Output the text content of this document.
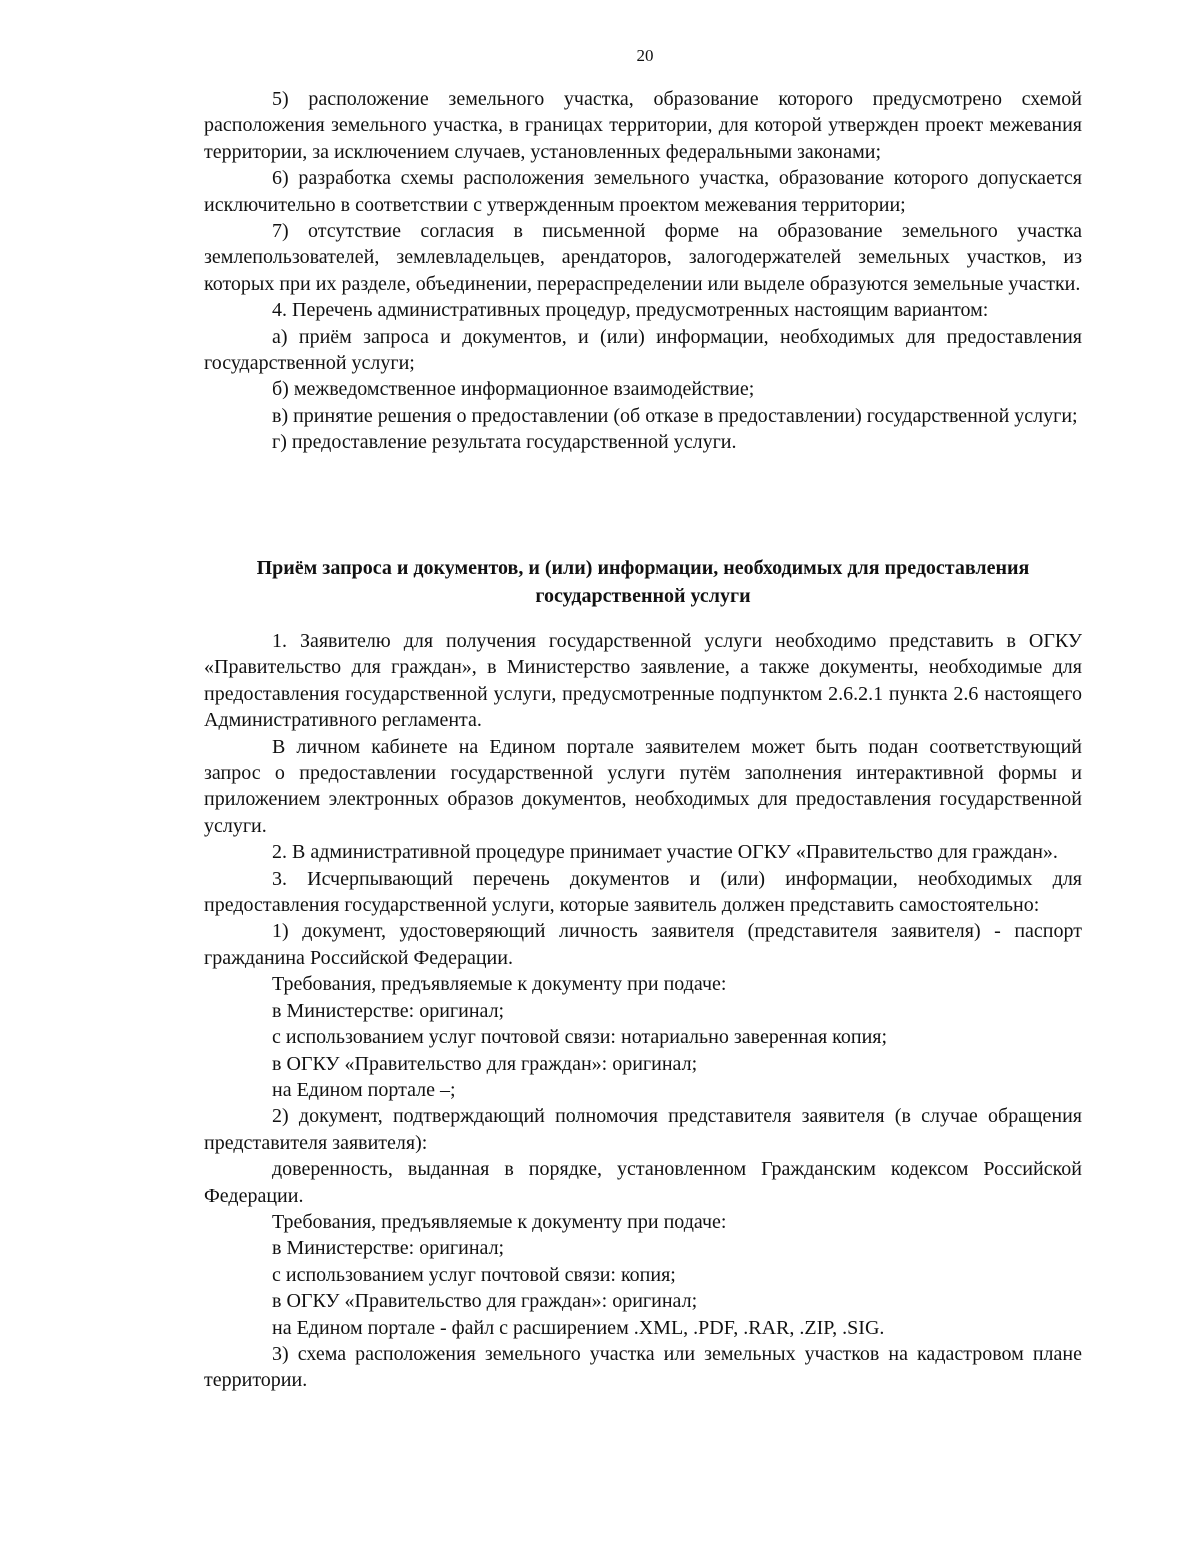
20

5) расположение земельного участка, образование которого предусмотрено схемой расположения земельного участка, в границах территории, для которой утвержден проект межевания территории, за исключением случаев, установленных федеральными законами;

6) разработка схемы расположения земельного участка, образование которого допускается исключительно в соответствии с утвержденным проектом межевания территории;

7) отсутствие согласия в письменной форме на образование земельного участка землепользователей, землевладельцев, арендаторов, залогодержателей земельных участков, из которых при их разделе, объединении, перераспределении или выделе образуются земельные участки.

4. Перечень административных процедур, предусмотренных настоящим вариантом:

а) приём запроса и документов, и (или) информации, необходимых для предоставления государственной услуги;

б) межведомственное информационное взаимодействие;

в) принятие решения о предоставлении (об отказе в предоставлении) государственной услуги;

г) предоставление результата государственной услуги.

Приём запроса и документов, и (или) информации, необходимых для предоставления государственной услуги

1. Заявителю для получения государственной услуги необходимо представить в ОГКУ «Правительство для граждан», в Министерство заявление, а также документы, необходимые для предоставления государственной услуги, предусмотренные подпунктом 2.6.2.1 пункта 2.6 настоящего Административного регламента.

В личном кабинете на Едином портале заявителем может быть подан соответствующий запрос о предоставлении государственной услуги путём заполнения интерактивной формы и приложением электронных образов документов, необходимых для предоставления государственной услуги.

2. В административной процедуре принимает участие ОГКУ «Правительство для граждан».

3. Исчерпывающий перечень документов и (или) информации, необходимых для предоставления государственной услуги, которые заявитель должен представить самостоятельно:

1) документ, удостоверяющий личность заявителя (представителя заявителя) - паспорт гражданина Российской Федерации.

Требования, предъявляемые к документу при подаче:

в Министерстве: оригинал;

с использованием услуг почтовой связи: нотариально заверенная копия;

в ОГКУ «Правительство для граждан»: оригинал;

на Едином портале –;

2) документ, подтверждающий полномочия представителя заявителя (в случае обращения представителя заявителя):

доверенность, выданная в порядке, установленном Гражданским кодексом Российской Федерации.

Требования, предъявляемые к документу при подаче:

в Министерстве: оригинал;

с использованием услуг почтовой связи: копия;

в ОГКУ «Правительство для граждан»: оригинал;

на Едином портале - файл с расширением .XML, .PDF, .RAR, .ZIP, .SIG.

3) схема расположения земельного участка или земельных участков на кадастровом плане территории.
